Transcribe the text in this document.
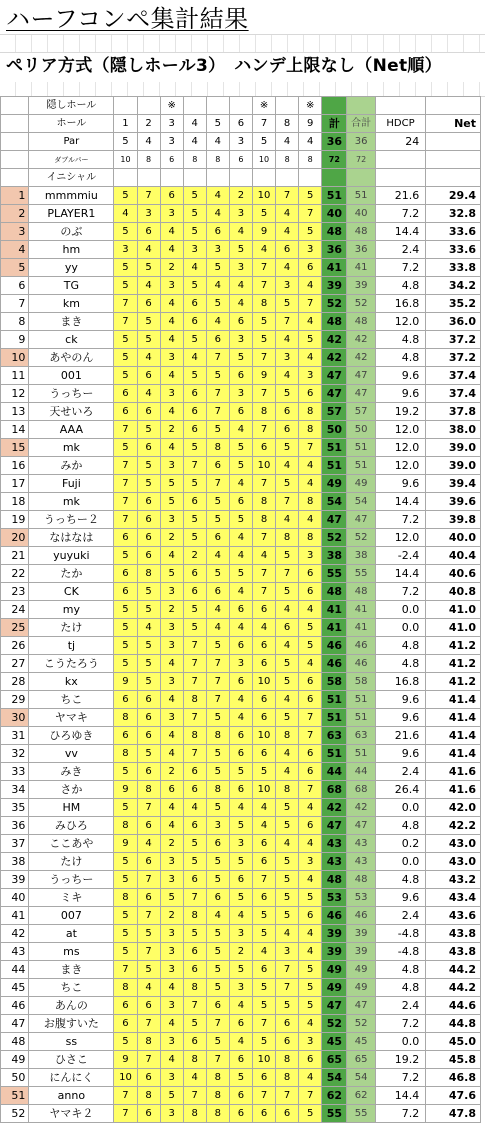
ハーフコンペ集計結果
ペリア方式（隠しホール3）　ハンデ上限なし（Net順）
	隠しホール			※				※		※				
	ホール	1	2	3	4	5	6	7	8	9	計	合計	HDCP	Net
	Par	5	4	3	4	4	3	5	4	4	36	36	24	
	ダブルパー	10	8	6	8	8	6	10	8	8	72	72		
	イニシャル													
1	mmmmiu	5	7	6	5	4	2	10	7	5	51	51	21.6	29.4
2	PLAYER1	4	3	3	5	4	3	5	4	7	40	40	7.2	32.8
3	のぶ	5	6	4	5	6	4	9	4	5	48	48	14.4	33.6
4	hm	3	4	4	3	3	5	4	6	3	36	36	2.4	33.6
5	yy	5	5	2	4	5	3	7	4	6	41	41	7.2	33.8
6	TG	5	4	3	5	4	4	7	3	4	39	39	4.8	34.2
7	km	7	6	4	6	5	4	8	5	7	52	52	16.8	35.2
8	まき	7	5	4	6	4	6	5	7	4	48	48	12.0	36.0
9	ck	5	5	4	5	6	3	5	4	5	42	42	4.8	37.2
10	あやのん	5	4	3	4	7	5	7	3	4	42	42	4.8	37.2
11	001	5	6	4	5	5	6	9	4	3	47	47	9.6	37.4
12	うっちー	6	4	3	6	7	3	7	5	6	47	47	9.6	37.4
13	天せいろ	6	6	4	6	7	6	8	6	8	57	57	19.2	37.8
14	AAA	7	5	2	6	5	4	7	6	8	50	50	12.0	38.0
15	mk	5	6	4	5	8	5	6	5	7	51	51	12.0	39.0
16	みか	7	5	3	7	6	5	10	4	4	51	51	12.0	39.0
17	Fuji	7	5	5	5	7	4	7	5	4	49	49	9.6	39.4
18	mk	7	6	5	6	5	6	8	7	8	54	54	14.4	39.6
19	うっちー２	7	6	3	5	5	5	8	4	4	47	47	7.2	39.8
20	なはなは	6	6	2	5	6	4	7	8	8	52	52	12.0	40.0
21	yuyuki	5	6	4	2	4	4	4	5	3	38	38	-2.4	40.4
22	たか	6	8	5	6	5	5	7	7	6	55	55	14.4	40.6
23	CK	6	5	3	6	6	4	7	5	6	48	48	7.2	40.8
24	my	5	5	2	5	4	6	6	4	4	41	41	0.0	41.0
25	たけ	5	4	3	5	4	4	4	6	5	41	41	0.0	41.0
26	tj	5	5	3	7	5	6	6	4	5	46	46	4.8	41.2
27	こうたろう	5	5	4	7	7	3	6	5	4	46	46	4.8	41.2
28	kx	9	5	3	7	7	6	10	5	6	58	58	16.8	41.2
29	ちこ	6	6	4	8	7	4	6	4	6	51	51	9.6	41.4
30	ヤマキ	8	6	3	7	5	4	6	5	7	51	51	9.6	41.4
31	ひろゆき	6	6	4	8	8	6	10	8	7	63	63	21.6	41.4
32	vv	8	5	4	7	5	6	6	4	6	51	51	9.6	41.4
33	みき	5	6	2	6	5	5	5	4	6	44	44	2.4	41.6
34	さか	9	8	6	6	8	6	10	8	7	68	68	26.4	41.6
35	HM	5	7	4	4	5	4	4	5	4	42	42	0.0	42.0
36	みひろ	8	6	4	6	3	5	4	5	6	47	47	4.8	42.2
37	ここあや	9	4	2	5	6	3	6	4	4	43	43	0.2	43.0
38	たけ	5	6	3	5	5	5	6	5	3	43	43	0.0	43.0
39	うっちー	5	7	3	6	5	6	7	5	4	48	48	4.8	43.2
40	ミキ	8	6	5	7	6	5	6	5	5	53	53	9.6	43.4
41	007	5	7	2	8	4	4	5	5	6	46	46	2.4	43.6
42	at	5	5	3	5	5	3	5	4	4	39	39	-4.8	43.8
43	ms	5	7	3	6	5	2	4	3	4	39	39	-4.8	43.8
44	まき	7	5	3	6	5	5	6	7	5	49	49	4.8	44.2
45	ちこ	8	4	4	8	5	3	5	7	5	49	49	4.8	44.2
46	あんの	6	6	3	7	6	4	5	5	5	47	47	2.4	44.6
47	お腹すいた	6	7	4	5	7	6	7	6	4	52	52	7.2	44.8
48	ss	5	8	3	6	5	4	5	6	3	45	45	0.0	45.0
49	ひさこ	9	7	4	8	7	6	10	8	6	65	65	19.2	45.8
50	にんにく	10	6	3	4	8	5	6	8	4	54	54	7.2	46.8
51	anno	7	8	5	7	8	6	7	7	7	62	62	14.4	47.6
52	ヤマキ２	7	6	3	8	8	6	6	6	5	55	55	7.2	47.8
